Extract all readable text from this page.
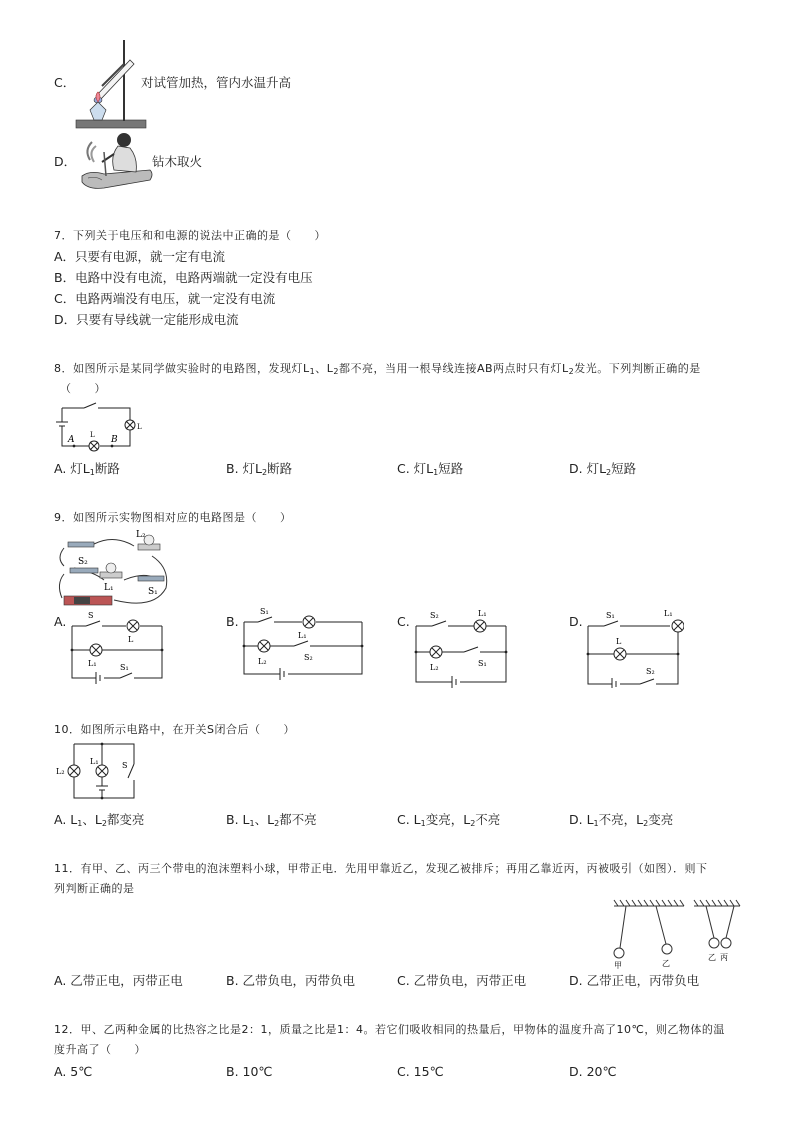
C．	对试管加热，管内水温升高
D．	钻木取火
7．下列关于电压和和电源的说法中正确的是（　　）
A．只要有电源，就一定有电流
B．电路中没有电流，电路两端就一定没有电压
C．电路两端没有电压，就一定没有电流
D．只要有导线就一定能形成电流
8．如图所示是某同学做实验时的电路图，发现灯$L_1$、$L_2$都不亮，当用一根导线连接AB两点时只有灯$L_2$发光。下列判断正确的是
（　　）
A	B
L
L
A. 灯$L_1$断路	B. 灯$L_2$断路	C. 灯$L_1$短路	D. 灯$L_2$短路
9．如图所示实物图相对应的电路图是（　　）
L₂
S₂
L₁	S₁
A.	S
L
L₁	S₁
B.
S₁
L₁
L₂	S₂
C.	S₂	L₁
L₂	S₁
D.	S₁	L₁
L
S₂
10．如图所示电路中，在开关S闭合后（　　）
L₂
L₁	S
A. $L_1$、$L_2$都变亮	B. $L_1$、$L_2$都不亮	C. $L_1$变亮，$L_2$不亮	D. $L_1$不亮，$L_2$变亮
11．有甲、乙、丙三个带电的泡沫塑料小球，甲带正电．先用甲靠近乙，发现乙被排斥；再用乙靠近丙，丙被吸引（如图）．则下
列判断正确的是
甲	乙
乙 丙
A. 乙带正电，丙带正电	B. 乙带负电，丙带负电	C. 乙带负电，丙带正电	D. 乙带正电，丙带负电
12．甲、乙两种金属的比热容之比是2：1，质量之比是1：4。若它们吸收相同的热量后，甲物体的温度升高了10℃，则乙物体的温
度升高了（　　）
A. 5℃	B. 10℃	C. 15℃	D. 20℃
